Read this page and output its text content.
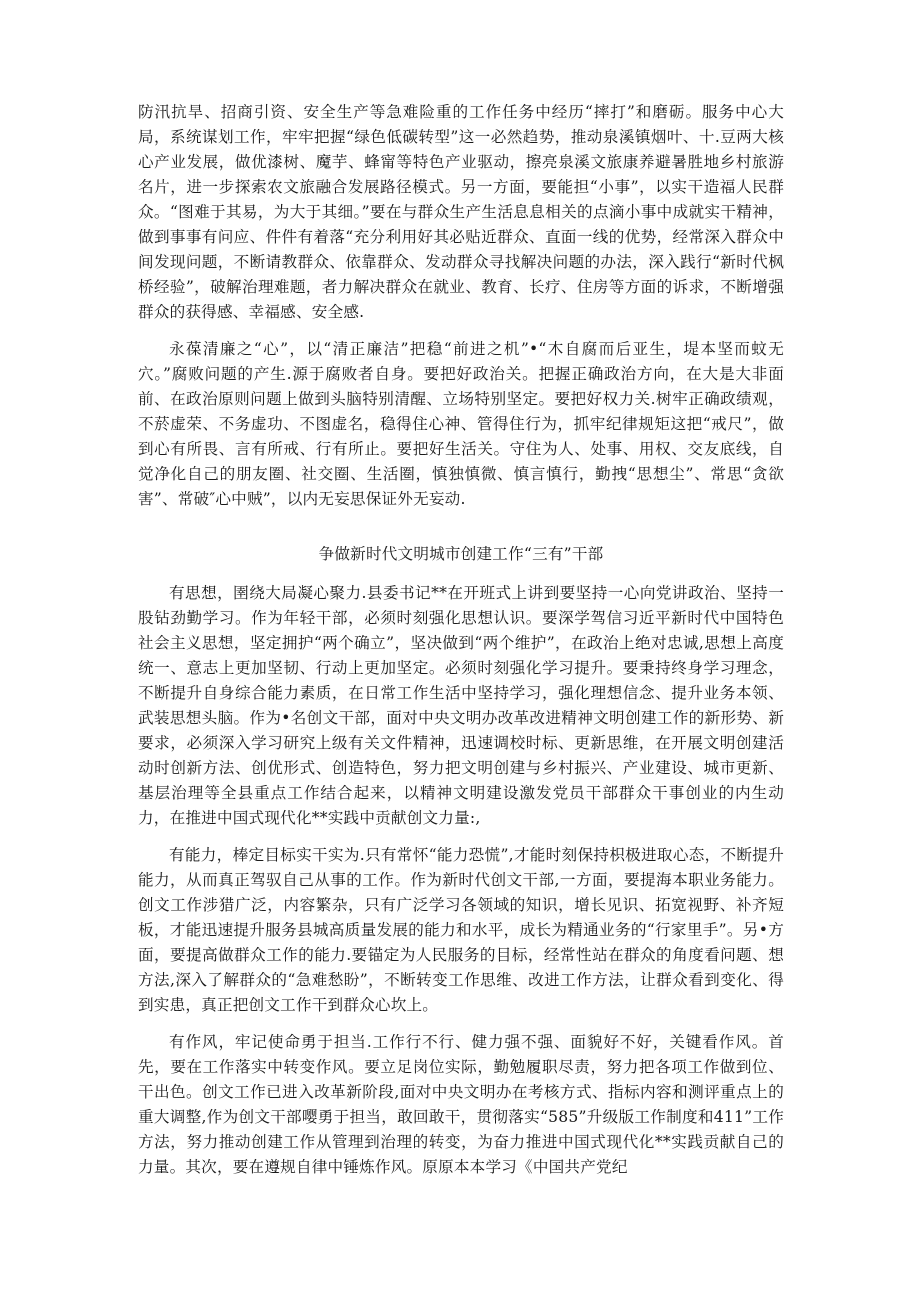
防汛抗旱、招商引资、安全生产等急难险重的工作任务中经历“摔打”和磨砺。服务中心大局，系统谋划工作，牢牢把握“绿色低碳转型”这一必然趋势，推动泉溪镇烟叶、十.豆两大核心产业发展，做优漆树、魔芋、蜂甯等特色产业驱动，擦亮泉溪文旅康养避暑胜地乡村旅游名片，进一步探索农文旅融合发展路径模式。另一方面，要能担“小事”，以实干造福人民群众。“图难于其易，为大于其细。”要在与群众生产生活息息相关的点滴小事中成就实干精神，做到事事有问应、件件有着落“充分利用好其必贴近群众、直面一线的优势，经常深入群众中间发现问题，不断请教群众、依靠群众、发动群众寻找解决问题的办法，深入践行“新时代枫桥经验”，破解治理难题，者力解决群众在就业、教育、长疗、住房等方面的诉求，不断增强群众的获得感、幸福感、安全感.

永葆清廉之“心”，以“清正廉洁”把稳“前进之机”•“木自腐而后亚生，堤本坚而蚊无穴。”腐败问题的产生.源于腐败者自身。要把好政治关。把握正确政治方向，在大是大非面前、在政治原则问题上做到头脑特别清醒、立场特别坚定。要把好权力关.树牢正确政绩观，不菸虚荣、不务虚功、不图虚名，稳得住心神、管得住行为，抓牢纪律规矩这把“戒尺”，做到心有所畏、言有所戒、行有所止。要把好生活关。守住为人、处事、用权、交友底线，自觉净化自己的朋友圈、社交圈、生活圈，慎独慎微、慎言慎行，勤拽“思想尘”、常思“贪欲害”、常破″心中贼”，以内无妄思保证外无妄动.

争做新时代文明城市创建工作“三有”干部

有思想，圉绕大局凝心聚力.县委书记**在开班式上讲到要坚持一心向党讲政治、坚持一股钻劲勤学习。作为年轻干部，必须时刻强化思想认识。要深学驾信习近平新时代中国特色社会主义思想，坚定拥护“两个确立”，坚决做到“两个维护”，在政治上绝对忠诚,思想上高度统一、意志上更加坚韧、行动上更加坚定。必须时刻强化学习提升。要秉持终身学习理念，不断提升自身综合能力素质，在日常工作生活中坚持学习，强化理想信念、提升业务本领、武装思想头脑。作为•名创文干部，面对中央文明办改革改进精神文明创建工作的新形势、新要求，必须深入学习研究上级有关文件精神，迅速调校时标、更新思维，在开展文明创建活动时创新方法、创优形式、创造特色，努力把文明创建与乡村振兴、产业建设、城市更新、基层治理等全县重点工作结合起来，以精神文明建设激发党员干部群众干事创业的内生动力，在推进中国式现代化**实践中贡献创文力量:,

有能力，棒定目标实干实为.只有常怀“能力恐慌”,才能时刻保持枳极进取心态，不断提升能力，从而真正驾驭自己从事的工作。作为新时代创文干部,一方面，要提海本职业务能力。创文工作涉猎广泛，内容繁杂，只有广泛学习各领域的知识，增长见识、拓宽视野、补齐短板，才能迅速提升服务县城高质量发展的能力和水平，成长为精通业务的“行家里手”。另•方面，要提高做群众工作的能力.要锚定为人民服务的目标，经常性站在群众的角度看问题、想方法,深入了解群众的“急难愁盼”，不断转变工作思维、改进工作方法，让群众看到变化、得到实患，真正把创文工作干到群众心坎上。

有作风，牢记使命勇于担当.工作行不行、健力强不强、面貌好不好，关键看作风。首先，要在工作落实中转变作风。要立足岗位实际，勤勉履职尽责，努力把各项工作做到位、干出色。创文工作已进入改革新阶段,面对中央文明办在考核方式、指标内容和测评重点上的重大调整,作为创文干部嘤勇于担当，敢回敢干，贯彻落实“585”升级版工作制度和411”工作方法，努力推动创建工作从管理到治理的转变，为奋力推进中国式现代化**实践贡献自己的力量。其次，要在遵规自律中锤炼作风。原原本本学习《中国共产党纪
